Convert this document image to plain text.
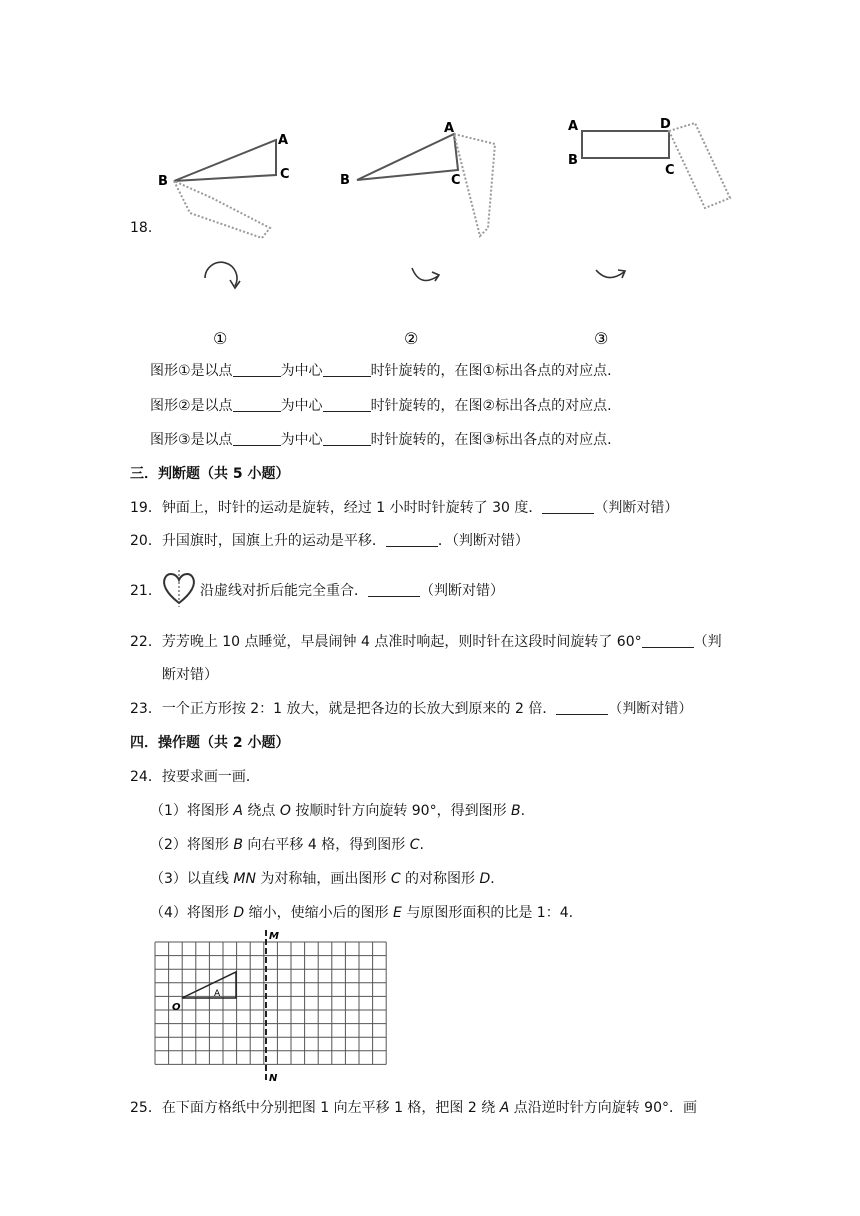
18.
A
B	C
①
A
B	C
②
A
B
C
D
③
图形①是以点	为中心	时针旋转的，在图①标出各点的对应点.
图形②是以点	为中心	时针旋转的，在图②标出各点的对应点.
图形③是以点	为中心	时针旋转的，在图③标出各点的对应点.
三．判断题（共 5 小题）
19．钟面上，时针的运动是旋转，经过 1 小时时针旋转了 30 度．	（判断对错）
20．升国旗时，国旗上升的运动是平移．	．（判断对错）
21．	沿虚线对折后能完全重合．	（判断对错）
22．芳芳晚上 10 点睡觉，早晨闹钟 4 点准时响起，则时针在这段时间旋转了 60°	（判
断对错）
23．一个正方形按 2：1 放大，就是把各边的长放大到原来的 2 倍．	（判断对错）
四．操作题（共 2 小题）
24．按要求画一画．
（1）将图形 A 绕点 O 按顺时针方向旋转 90°，得到图形 B.
（2）将图形 B 向右平移 4 格，得到图形 C.
（3）以直线 MN 为对称轴，画出图形 C 的对称图形 D.
（4）将图形 D 缩小，使缩小后的图形 E 与原图形面积的比是 1：4.
M
N
O
A
25．在下面方格纸中分别把图 1 向左平移 1 格，把图 2 绕 A 点沿逆时针方向旋转 90°．画
